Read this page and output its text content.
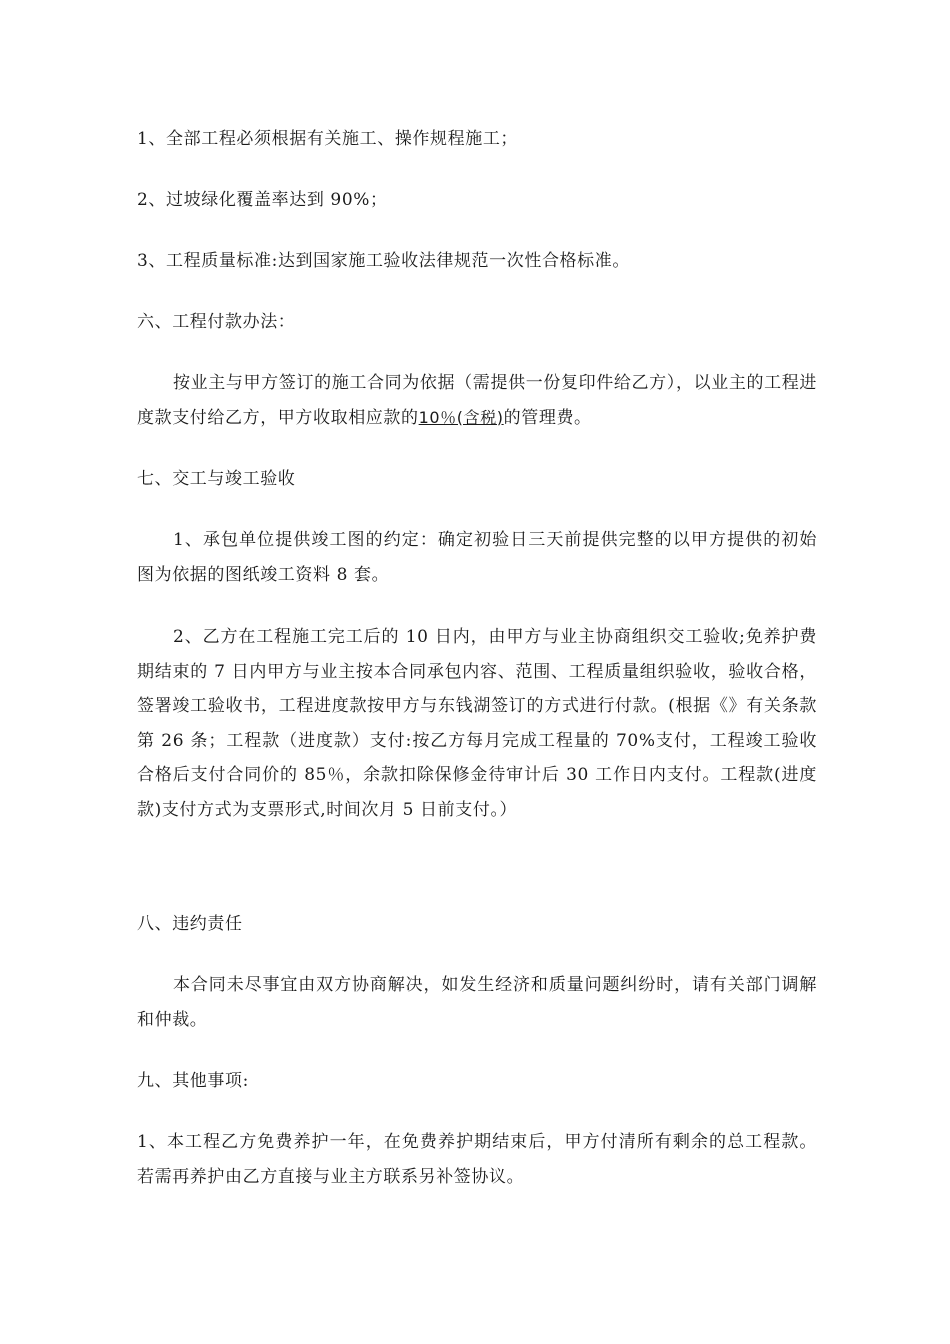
1、全部工程必须根据有关施工、操作规程施工；

2、过坡绿化覆盖率达到 90%；

3、工程质量标准:达到国家施工验收法律规范一次性合格标准。

六、工程付款办法：

按业主与甲方签订的施工合同为依据（需提供一份复印件给乙方），以业主的工程进度款支付给乙方，甲方收取相应款的10％(含税)的管理费。

七、交工与竣工验收

1、承包单位提供竣工图的约定：确定初验日三天前提供完整的以甲方提供的初始图为依据的图纸竣工资料 8 套。

2、乙方在工程施工完工后的 10 日内，由甲方与业主协商组织交工验收;免养护费期结束的 7 日内甲方与业主按本合同承包内容、范围、工程质量组织验收，验收合格，签署竣工验收书，工程进度款按甲方与东钱湖签订的方式进行付款。(根据《》有关条款第 26 条；工程款（进度款）支付:按乙方每月完成工程量的 70%支付，工程竣工验收合格后支付合同价的 85％，余款扣除保修金待审计后 30 工作日内支付。工程款(进度款)支付方式为支票形式,时间次月 5 日前支付。）

八、违约责任

本合同未尽事宜由双方协商解决，如发生经济和质量问题纠纷时，请有关部门调解和仲裁。

九、其他事项:

1、本工程乙方免费养护一年，在免费养护期结束后，甲方付清所有剩余的总工程款。若需再养护由乙方直接与业主方联系另补签协议。
